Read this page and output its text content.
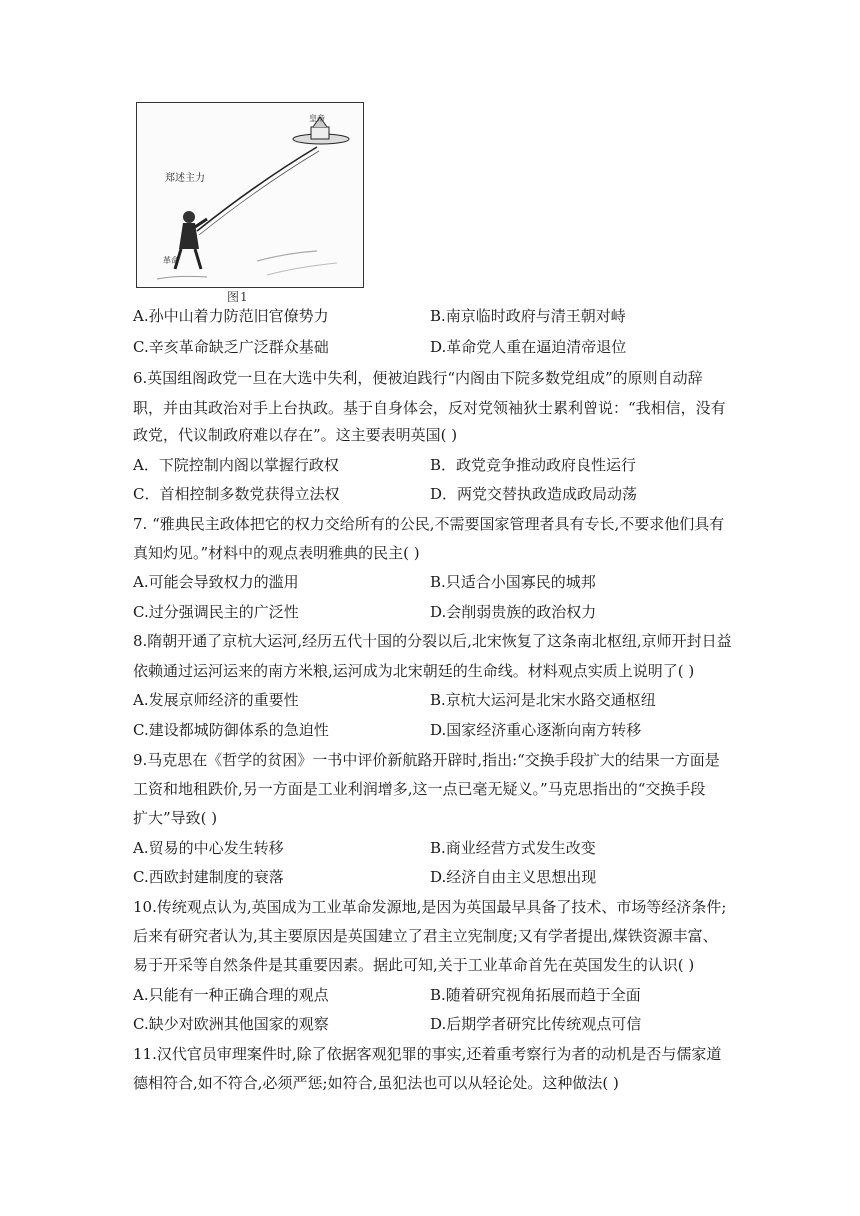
郑述主力
皇帝
革命
图1
A.孙中山着力防范旧官僚势力	B.南京临时政府与清王朝对峙
C.辛亥革命缺乏广泛群众基础	D.革命党人重在逼迫清帝退位
6.英国组阁政党一旦在大选中失利，便被迫践行“内阁由下院多数党组成”的原则自动辞
职，并由其政治对手上台执政。基于自身体会，反对党领袖狄士累利曾说：“我相信，没有
政党，代议制政府难以存在”。这主要表明英国( )
A．下院控制内阁以掌握行政权	B．政党竞争推动政府良性运行
C．首相控制多数党获得立法权	D．两党交替执政造成政局动荡
7. “雅典民主政体把它的权力交给所有的公民,不需要国家管理者具有专长,不要求他们具有
真知灼见。”材料中的观点表明雅典的民主( )
A.可能会导致权力的滥用	B.只适合小国寡民的城邦
C.过分强调民主的广泛性	D.会削弱贵族的政治权力
8.隋朝开通了京杭大运河,经历五代十国的分裂以后,北宋恢复了这条南北枢纽,京师开封日益
依赖通过运河运来的南方米粮,运河成为北宋朝廷的生命线。材料观点实质上说明了( )
A.发展京师经济的重要性	B.京杭大运河是北宋水路交通枢纽
C.建设都城防御体系的急迫性	D.国家经济重心逐渐向南方转移
9.马克思在《哲学的贫困》一书中评价新航路开辟时,指出:“交换手段扩大的结果一方面是
工资和地租跌价,另一方面是工业利润增多,这一点已毫无疑义。”马克思指出的“交换手段
扩大”导致( )
A.贸易的中心发生转移	B.商业经营方式发生改变
C.西欧封建制度的衰落	D.经济自由主义思想出现
10.传统观点认为,英国成为工业革命发源地,是因为英国最早具备了技术、市场等经济条件;
后来有研究者认为,其主要原因是英国建立了君主立宪制度;又有学者提出,煤铁资源丰富、
易于开采等自然条件是其重要因素。据此可知,关于工业革命首先在英国发生的认识( )
A.只能有一种正确合理的观点	B.随着研究视角拓展而趋于全面
C.缺少对欧洲其他国家的观察	D.后期学者研究比传统观点可信
11.汉代官员审理案件时,除了依据客观犯罪的事实,还着重考察行为者的动机是否与儒家道
德相符合,如不符合,必须严惩;如符合,虽犯法也可以从轻论处。这种做法( )
